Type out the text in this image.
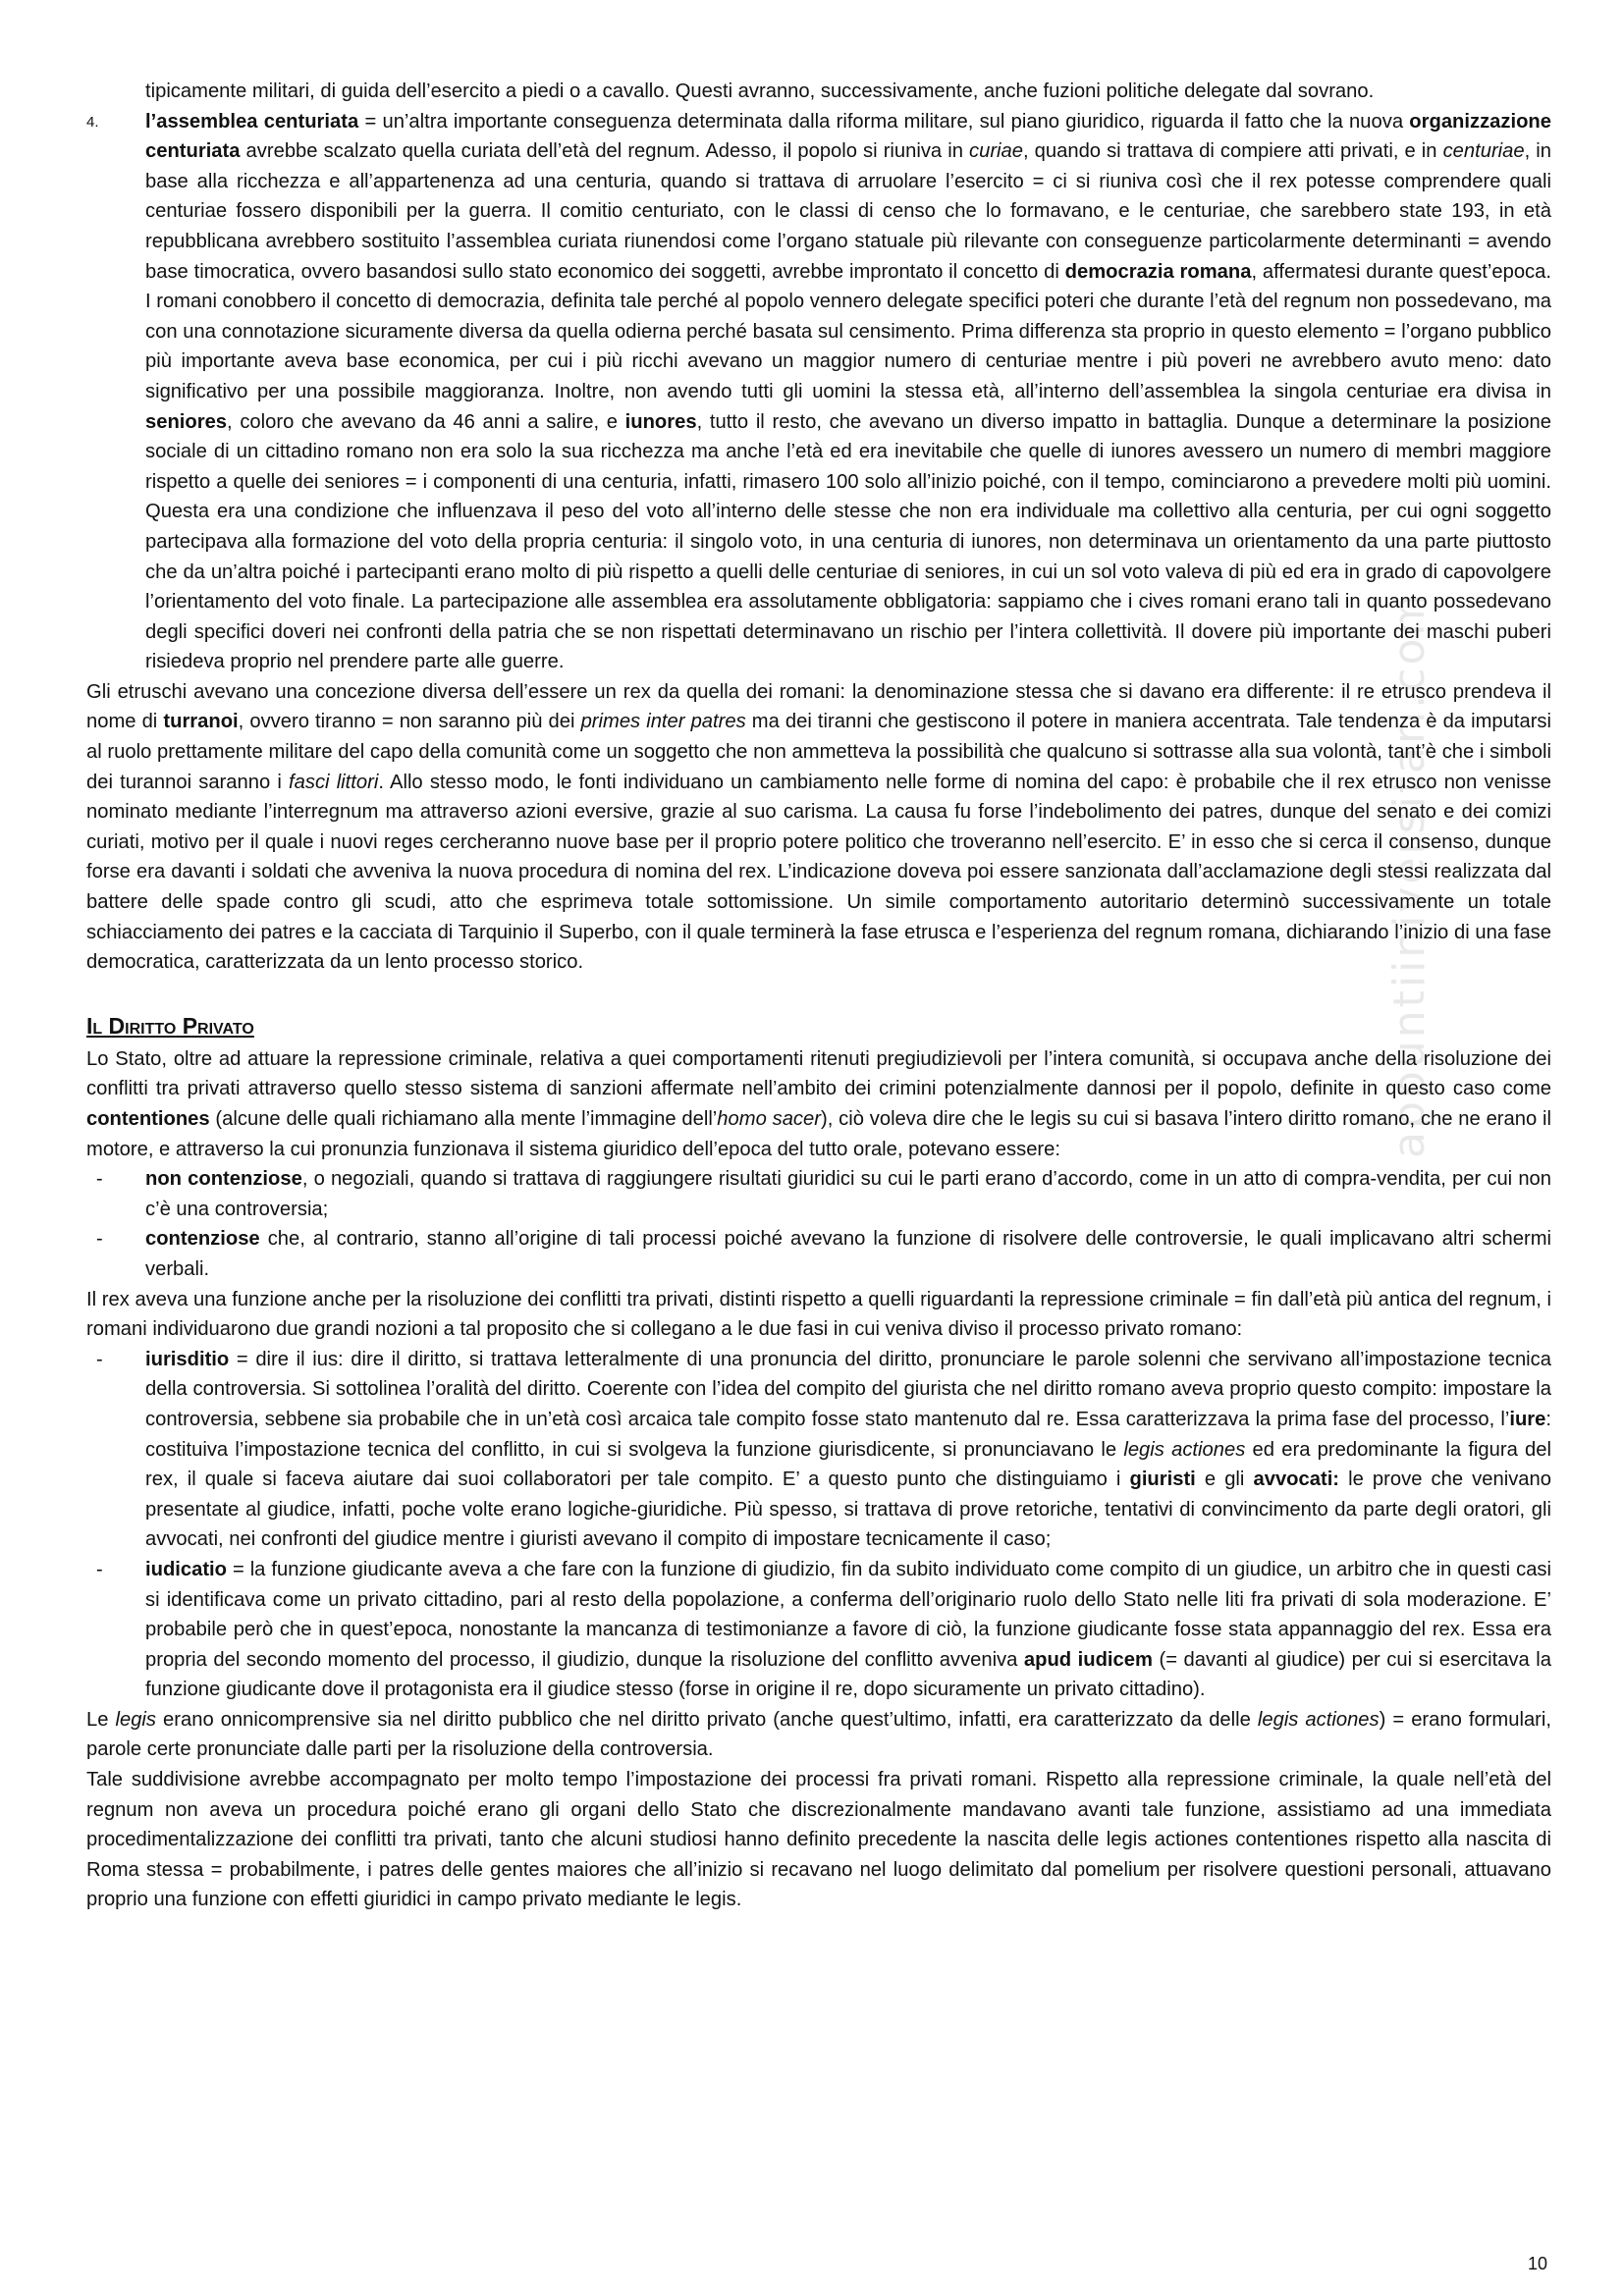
appuntiiniversitari.com

tipicamente militari, di guida dell’esercito a piedi o a cavallo. Questi avranno, successivamente, anche fuzioni politiche delegate dal sovrano.

4. l’assemblea centuriata = un’altra importante conseguenza determinata dalla riforma militare, sul piano giuridico, riguarda il fatto che la nuova organizzazione centuriata avrebbe scalzato quella curiata dell’età del regnum. Adesso, il popolo si riuniva in curiae, quando si trattava di compiere atti privati, e in centuriae, in base alla ricchezza e all’appartenenza ad una centuria, quando si trattava di arruolare l’esercito = ci si riuniva così che il rex potesse comprendere quali centuriae fossero disponibili per la guerra. Il comitio centuriato, con le classi di censo che lo formavano, e le centuriae, che sarebbero state 193, in età repubblicana avrebbero sostituito l’assemblea curiata riunendosi come l’organo statuale più rilevante con conseguenze particolarmente determinanti = avendo base timocratica, ovvero basandosi sullo stato economico dei soggetti, avrebbe improntato il concetto di democrazia romana, affermatesi durante quest’epoca. I romani conobbero il concetto di democrazia, definita tale perché al popolo vennero delegate specifici poteri che durante l’età del regnum non possedevano, ma con una connotazione sicuramente diversa da quella odierna perché basata sul censimento. Prima differenza sta proprio in questo elemento = l’organo pubblico più importante aveva base economica, per cui i più ricchi avevano un maggior numero di centuriae mentre i più poveri ne avrebbero avuto meno: dato significativo per una possibile maggioranza. Inoltre, non avendo tutti gli uomini la stessa età, all’interno dell’assemblea la singola centuriae era divisa in seniores, coloro che avevano da 46 anni a salire, e iunores, tutto il resto, che avevano un diverso impatto in battaglia. Dunque a determinare la posizione sociale di un cittadino romano non era solo la sua ricchezza ma anche l’età ed era inevitabile che quelle di iunores avessero un numero di membri maggiore rispetto a quelle dei seniores = i componenti di una centuria, infatti, rimasero 100 solo all’inizio poiché, con il tempo, cominciarono a prevedere molti più uomini. Questa era una condizione che influenzava il peso del voto all’interno delle stesse che non era individuale ma collettivo alla centuria, per cui ogni soggetto partecipava alla formazione del voto della propria centuria: il singolo voto, in una centuria di iunores, non determinava un orientamento da una parte piuttosto che da un’altra poiché i partecipanti erano molto di più rispetto a quelli delle centuriae di seniores, in cui un sol voto valeva di più ed era in grado di capovolgere l’orientamento del voto finale. La partecipazione alle assemblea era assolutamente obbligatoria: sappiamo che i cives romani erano tali in quanto possedevano degli specifici doveri nei confronti della patria che se non rispettati determinavano un rischio per l’intera collettività. Il dovere più importante dei maschi puberi risiedeva proprio nel prendere parte alle guerre.

Gli etruschi avevano una concezione diversa dell’essere un rex da quella dei romani: la denominazione stessa che si davano era differente: il re etrusco prendeva il nome di turranoi, ovvero tiranno = non saranno più dei primes inter patres ma dei tiranni che gestiscono il potere in maniera accentrata. Tale tendenza è da imputarsi al ruolo prettamente militare del capo della comunità come un soggetto che non ammetteva la possibilità che qualcuno si sottrasse alla sua volontà, tant’è che i simboli dei turannoi saranno i fasci littori. Allo stesso modo, le fonti individuano un cambiamento nelle forme di nomina del capo: è probabile che il rex etrusco non venisse nominato mediante l’interregnum ma attraverso azioni eversive, grazie al suo carisma. La causa fu forse l’indebolimento dei patres, dunque del senato e dei comizi curiati, motivo per il quale i nuovi reges cercheranno nuove base per il proprio potere politico che troveranno nell’esercito. E’ in esso che si cerca il consenso, dunque forse era davanti i soldati che avveniva la nuova procedura di nomina del rex. L’indicazione doveva poi essere sanzionata dall’acclamazione degli stessi realizzata dal battere delle spade contro gli scudi, atto che esprimeva totale sottomissione. Un simile comportamento autoritario determinò successivamente un totale schiacciamento dei patres e la cacciata di Tarquinio il Superbo, con il quale terminerà la fase etrusca e l’esperienza del regnum romana, dichiarando l’inizio di una fase democratica, caratterizzata da un lento processo storico.

Il Diritto Privato

Lo Stato, oltre ad attuare la repressione criminale, relativa a quei comportamenti ritenuti pregiudizievoli per l’intera comunità, si occupava anche della risoluzione dei conflitti tra privati attraverso quello stesso sistema di sanzioni affermate nell’ambito dei crimini potenzialmente dannosi per il popolo, definite in questo caso come contentiones (alcune delle quali richiamano alla mente l’immagine dell’homo sacer), ciò voleva dire che le legis su cui si basava l’intero diritto romano, che ne erano il motore, e attraverso la cui pronunzia funzionava il sistema giuridico dell’epoca del tutto orale, potevano essere:

- non contenziose, o negoziali, quando si trattava di raggiungere risultati giuridici su cui le parti erano d’accordo, come in un atto di compra-vendita, per cui non c’è una controversia;

- contenziose che, al contrario, stanno all’origine di tali processi poiché avevano la funzione di risolvere delle controversie, le quali implicavano altri schermi verbali.

Il rex aveva una funzione anche per la risoluzione dei conflitti tra privati, distinti rispetto a quelli riguardanti la repressione criminale = fin dall’età più antica del regnum, i romani individuarono due grandi nozioni a tal proposito che si collegano a le due fasi in cui veniva diviso il processo privato romano:

- iurisditio = dire il ius: dire il diritto, si trattava letteralmente di una pronuncia del diritto, pronunciare le parole solenni che servivano all’impostazione tecnica della controversia. Si sottolinea l’oralità del diritto. Coerente con l’idea del compito del giurista che nel diritto romano aveva proprio questo compito: impostare la controversia, sebbene sia probabile che in un’età così arcaica tale compito fosse stato mantenuto dal re. Essa caratterizzava la prima fase del processo, l’iure: costituiva l’impostazione tecnica del conflitto, in cui si svolgeva la funzione giurisdicente, si pronunciavano le legis actiones ed era predominante la figura del rex, il quale si faceva aiutare dai suoi collaboratori per tale compito. E’ a questo punto che distinguiamo i giuristi e gli avvocati: le prove che venivano presentate al giudice, infatti, poche volte erano logiche-giuridiche. Più spesso, si trattava di prove retoriche, tentativi di convincimento da parte degli oratori, gli avvocati, nei confronti del giudice mentre i giuristi avevano il compito di impostare tecnicamente il caso;

- iudicatio = la funzione giudicante aveva a che fare con la funzione di giudizio, fin da subito individuato come compito di un giudice, un arbitro che in questi casi si identificava come un privato cittadino, pari al resto della popolazione, a conferma dell’originario ruolo dello Stato nelle liti fra privati di sola moderazione. E’ probabile però che in quest’epoca, nonostante la mancanza di testimonianze a favore di ciò, la funzione giudicante fosse stata appannaggio del rex. Essa era propria del secondo momento del processo, il giudizio, dunque la risoluzione del conflitto avveniva apud iudicem (= davanti al giudice) per cui si esercitava la funzione giudicante dove il protagonista era il giudice stesso (forse in origine il re, dopo sicuramente un privato cittadino).

Le legis erano onnicomprensive sia nel diritto pubblico che nel diritto privato (anche quest’ultimo, infatti, era caratterizzato da delle legis actiones) = erano formulari, parole certe pronunciate dalle parti per la risoluzione della controversia.

Tale suddivisione avrebbe accompagnato per molto tempo l’impostazione dei processi fra privati romani. Rispetto alla repressione criminale, la quale nell’età del regnum non aveva un procedura poiché erano gli organi dello Stato che discrezionalmente mandavano avanti tale funzione, assistiamo ad una immediata procedimentalizzazione dei conflitti tra privati, tanto che alcuni studiosi hanno definito precedente la nascita delle legis actiones contentiones rispetto alla nascita di Roma stessa = probabilmente, i patres delle gentes maiores che all’inizio si recavano nel luogo delimitato dal pomelium per risolvere questioni personali, attuavano proprio una funzione con effetti giuridici in campo privato mediante le legis.

10
